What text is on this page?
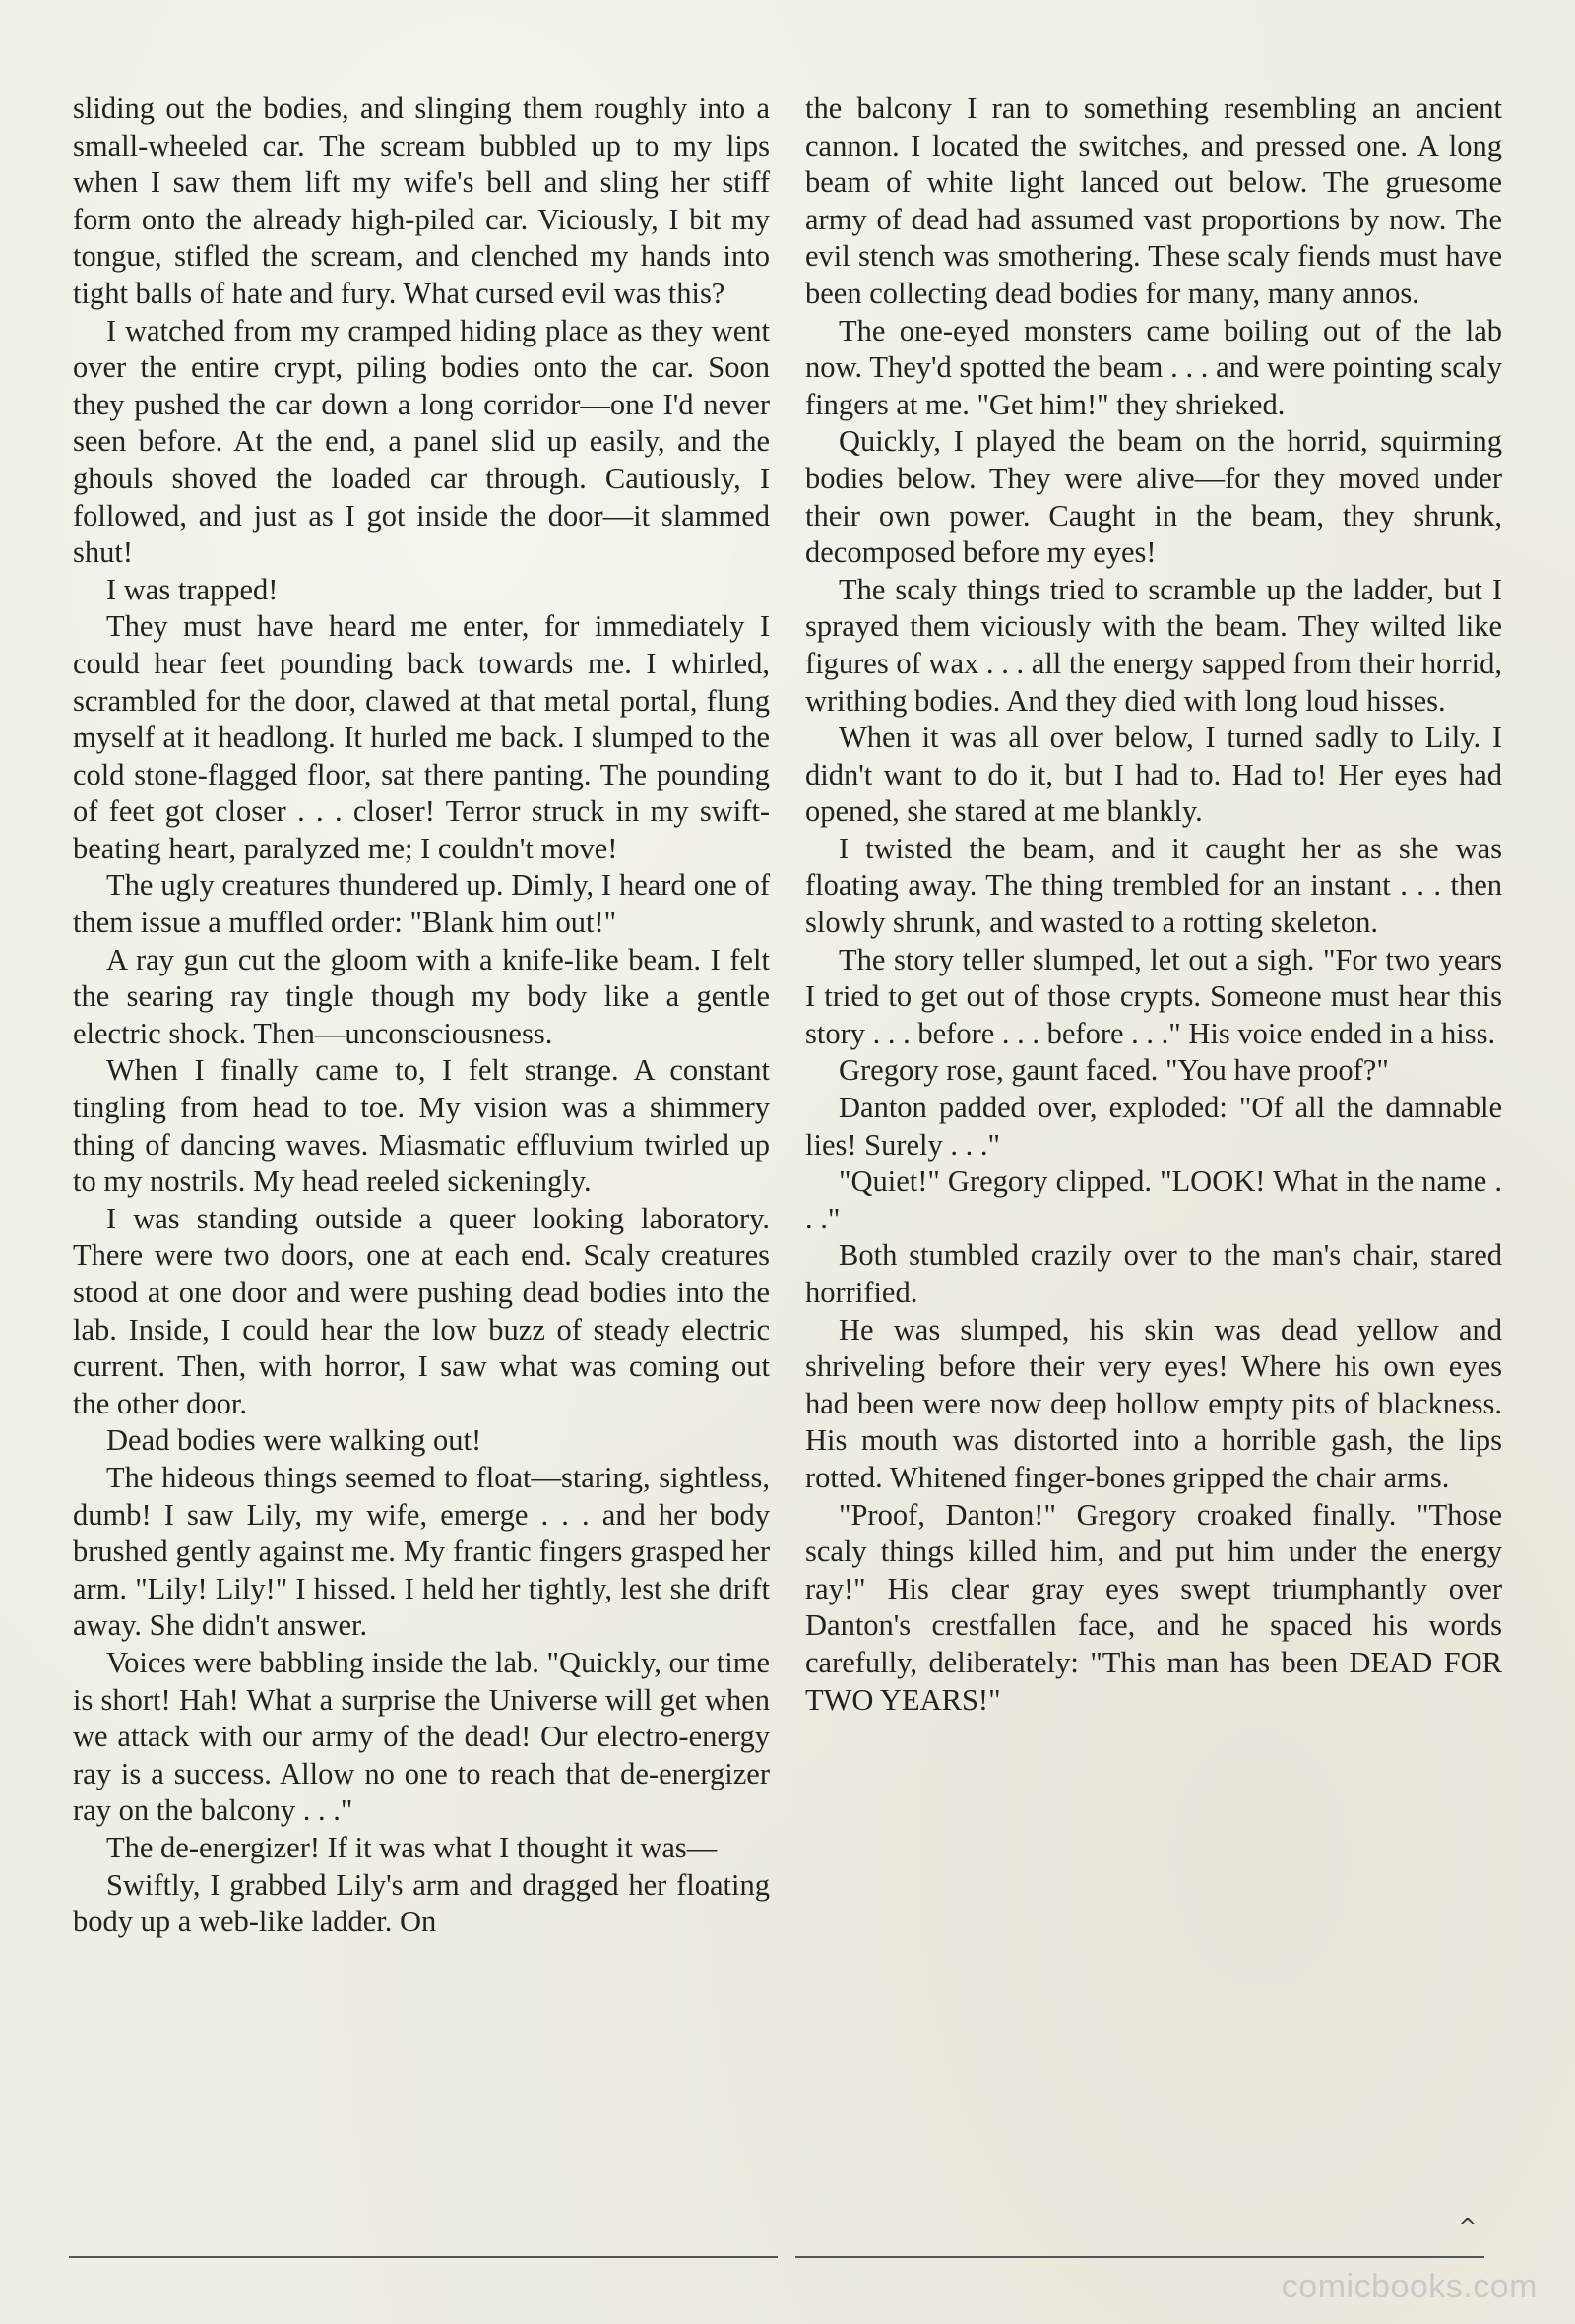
sliding out the bodies, and slinging them roughly into a small-wheeled car. The scream bubbled up to my lips when I saw them lift my wife's bell and sling her stiff form onto the already high-piled car. Viciously, I bit my tongue, stifled the scream, and clenched my hands into tight balls of hate and fury. What cursed evil was this?

I watched from my cramped hiding place as they went over the entire crypt, piling bodies onto the car. Soon they pushed the car down a long corridor—one I'd never seen before. At the end, a panel slid up easily, and the ghouls shoved the loaded car through. Cautiously, I followed, and just as I got inside the door—it slammed shut!

I was trapped!

They must have heard me enter, for immediately I could hear feet pounding back towards me. I whirled, scrambled for the door, clawed at that metal portal, flung myself at it headlong. It hurled me back. I slumped to the cold stone-flagged floor, sat there panting. The pounding of feet got closer . . . closer! Terror struck in my swift-beating heart, paralyzed me; I couldn't move!

The ugly creatures thundered up. Dimly, I heard one of them issue a muffled order: "Blank him out!"

A ray gun cut the gloom with a knife-like beam. I felt the searing ray tingle though my body like a gentle electric shock. Then—unconsciousness.

When I finally came to, I felt strange. A constant tingling from head to toe. My vision was a shimmery thing of dancing waves. Miasmatic effluvium twirled up to my nostrils. My head reeled sickeningly.

I was standing outside a queer looking laboratory. There were two doors, one at each end. Scaly creatures stood at one door and were pushing dead bodies into the lab. Inside, I could hear the low buzz of steady electric current. Then, with horror, I saw what was coming out the other door.

Dead bodies were walking out!

The hideous things seemed to float—staring, sightless, dumb! I saw Lily, my wife, emerge . . . and her body brushed gently against me. My frantic fingers grasped her arm. "Lily! Lily!" I hissed. I held her tightly, lest she drift away. She didn't answer.

Voices were babbling inside the lab. "Quickly, our time is short! Hah! What a surprise the Universe will get when we attack with our army of the dead! Our electro-energy ray is a success. Allow no one to reach that de-energizer ray on the balcony . . ."

The de-energizer! If it was what I thought it was—

Swiftly, I grabbed Lily's arm and dragged her floating body up a web-like ladder. On

the balcony I ran to something resembling an ancient cannon. I located the switches, and pressed one. A long beam of white light lanced out below. The gruesome army of dead had assumed vast proportions by now. The evil stench was smothering. These scaly fiends must have been collecting dead bodies for many, many annos.

The one-eyed monsters came boiling out of the lab now. They'd spotted the beam . . . and were pointing scaly fingers at me. "Get him!" they shrieked.

Quickly, I played the beam on the horrid, squirming bodies below. They were alive—for they moved under their own power. Caught in the beam, they shrunk, decomposed before my eyes!

The scaly things tried to scramble up the ladder, but I sprayed them viciously with the beam. They wilted like figures of wax . . . all the energy sapped from their horrid, writhing bodies. And they died with long loud hisses.

When it was all over below, I turned sadly to Lily. I didn't want to do it, but I had to. Had to! Her eyes had opened, she stared at me blankly.

I twisted the beam, and it caught her as she was floating away. The thing trembled for an instant . . . then slowly shrunk, and wasted to a rotting skeleton.

The story teller slumped, let out a sigh. "For two years I tried to get out of those crypts. Someone must hear this story . . . before . . . before . . ." His voice ended in a hiss.

Gregory rose, gaunt faced. "You have proof?"

Danton padded over, exploded: "Of all the damnable lies! Surely . . ."

"Quiet!" Gregory clipped. "LOOK! What in the name . . ."

Both stumbled crazily over to the man's chair, stared horrified.

He was slumped, his skin was dead yellow and shriveling before their very eyes! Where his own eyes had been were now deep hollow empty pits of blackness. His mouth was distorted into a horrible gash, the lips rotted. Whitened finger-bones gripped the chair arms.

"Proof, Danton!" Gregory croaked finally. "Those scaly things killed him, and put him under the energy ray!" His clear gray eyes swept triumphantly over Danton's crestfallen face, and he spaced his words carefully, deliberately: "This man has been DEAD FOR TWO YEARS!"

^
comicbooks.com
